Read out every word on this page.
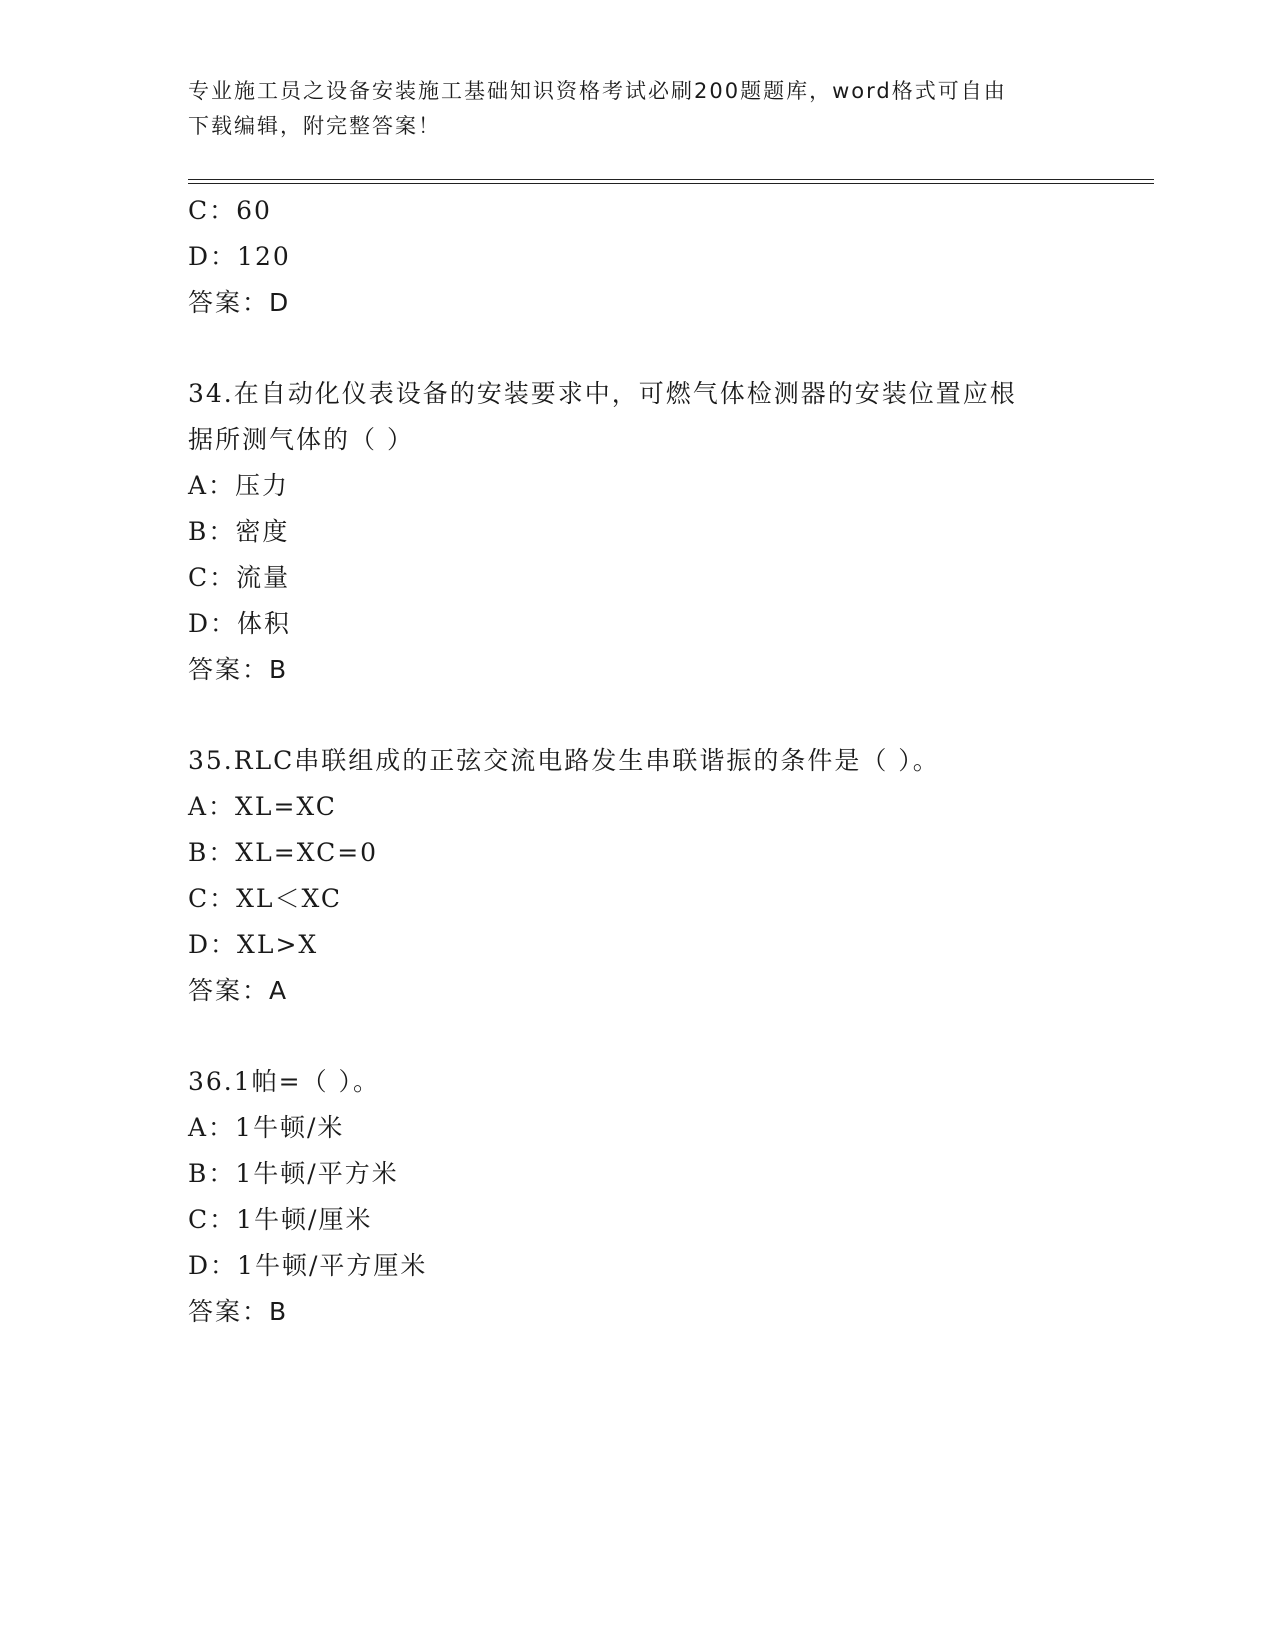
专业施工员之设备安装施工基础知识资格考试必刷200题题库，word格式可自由
下载编辑，附完整答案！
C：60
D：120
答案：D
34.在自动化仪表设备的安装要求中，可燃气体检测器的安装位置应根
据所测气体的（ ）
A：压力
B：密度
C：流量
D：体积
答案：B
35.RLC串联组成的正弦交流电路发生串联谐振的条件是（ ）。
A：XL=XC
B：XL=XC=0
C：XL＜XC
D：XL>X
答案：A
36.1帕=（ ）。
A：1牛顿/米
B：1牛顿/平方米
C：1牛顿/厘米
D：1牛顿/平方厘米
答案：B
